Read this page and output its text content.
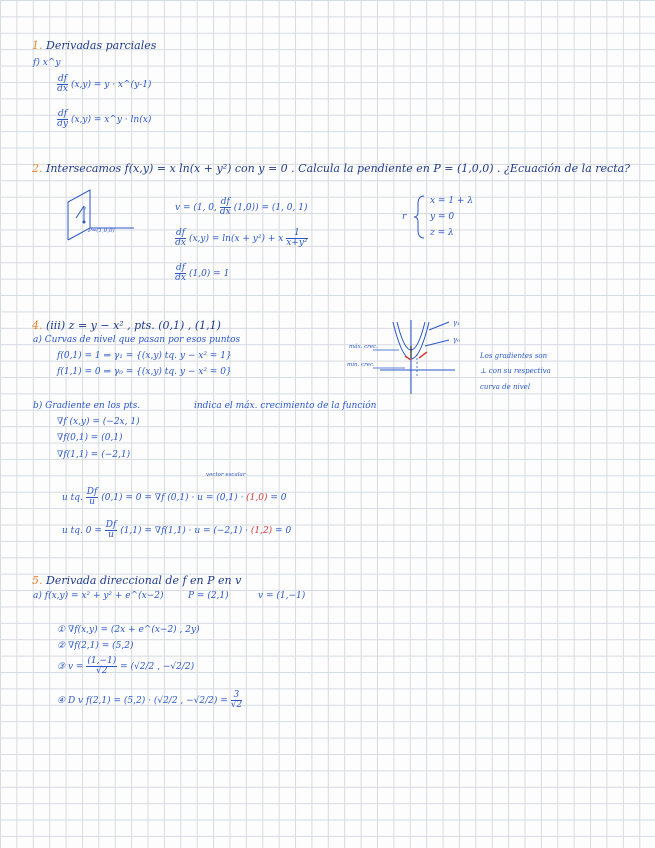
1. Derivadas parciales
f) x^y
$\frac{df}{dx} (x,y) = y$ · x^(y-1)
$\frac{df}{dy} (x,y)$ = x^y · ln(x)
2. Intersecamos f(x,y) = x ln(x + y²) con y = 0 . Calcula la pendiente en P = (1,0,0) . ¿Ecuación de la recta?
v
P=(1,0,0)
v = (1, 0, $\frac{df}{dx} (1,0)) = (1$, 0, 1)
$\frac{df}{dx} (x,y) = \ln(x + y^2) + x \frac{1}{\text{x+y²}}$
$\frac{df}{dx} (1,0) = 1$
r
x = 1 + λ
y = 0
z = λ
4. (iii) z = y − x² , pts. (0,1) , (1,1)
a) Curvas de nivel que pasan por esos puntos
f(0,1) = 1 ⇒ γ₁ = {(x,y) tq. y − x² = 1}
f(1,1) = 0 ⇒ γ₀ = {(x,y) tq. y − x² = 0}
máx. crec.
mín. crec.
γ₁
γ₀
Los gradientes son
⊥ con su respectiva
curva de nivel
b) Gradiente en los pts.	indica el máx. crecimiento de la función
∇f (x,y) = (−2x, 1)
∇f(0,1) = (0,1)
∇f(1,1) = (−2,1)
vector escalar
u tq. $\frac{Df}{u} (0,1) = 0 = \nabla f$ (0,1) · u = (0,1) · (1,0) = 0
u tq. $0 = \frac{Df}{u} (1,1) = \nabla f(1,1) \cdot u = (-2,1) \cdot (1,2) = 0$
5. Derivada direccional de f en P en v
a) f(x,y) = x² + y² + e^(x−2)	P = (2,1)	v = (1,−1)
① ∇f(x,y) = (2x + e^(x−2) , 2y)
② ∇f(2,1) = (5,2)
③ $v = \frac{(1,-1)}{√2} = (√2/2$ , −√2/2)
④ D v f(2,1) = (5,2) · (√2/2 , $-√2/2) = \frac{3}{√2}$
